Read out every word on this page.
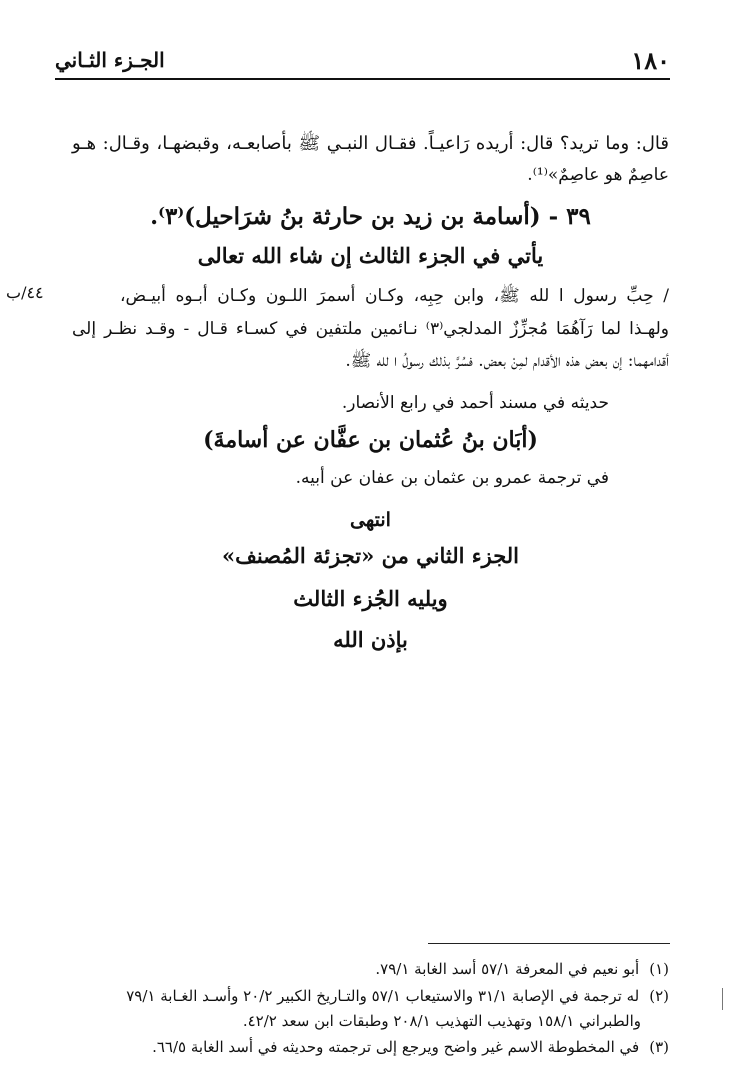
١٨٠
الجـزء الثـاني
قال: وما تريد؟ قال: أريده رَاعيـاً. فقـال النبـي ﷺ بأصابعـه، وقبضهـا، وقـال: هـو
عاصِمٌ هو عاصِمٌ»⁽¹⁾.
٣٩ - (أسامة بن زيد بن حارثة بنُ شرَاحيل)⁽٣⁾.
يأتي في الجزء الثالث إن شاء الله تعالى
٤٤/ب	/ حِبِّ رسول ا لله ﷺ، وابن حِبِه، وكـان أسمرَ اللـون وكـان أبـوه أبيـض،
ولهـذا لما رَآهُمَا مُجزِّزٌ المدلجي⁽٣⁾ نـائمين ملتفين في كسـاء قـال - وقـد نظـر إلى
أقدامهما: إن بعض هذه الأقدام لمِنْ بعض. فسُرَّ بذلك رسولُ ا لله ﷺ.
حديثه في مسند أحمد في رابع الأنصار.
(أبَان بنُ عُثمان بن عفَّان عن أسامةَ)
في ترجمة عمرو بن عثمان بن عفان عن أبيه.
انتهى
الجزء الثاني من «تجزئة المُصنف»
ويليه الجُزء الثالث
بإذن الله
(١)أبو نعيم في المعرفة ٥٧/١ أسد الغابة ٧٩/١.
(٢)له ترجمة في الإصابة ٣١/١ والاستيعاب ٥٧/١ والتـاريخ الكبير ٢٠/٢ وأسـد الغـابة ٧٩/١
والطبراني ١٥٨/١ وتهذيب التهذيب ٢٠٨/١ وطبقات ابن سعد ٤٢/٢.
(٣)في المخطوطة الاسم غير واضح ويرجع إلى ترجمته وحديثه في أسد الغابة ٦٦/٥.
